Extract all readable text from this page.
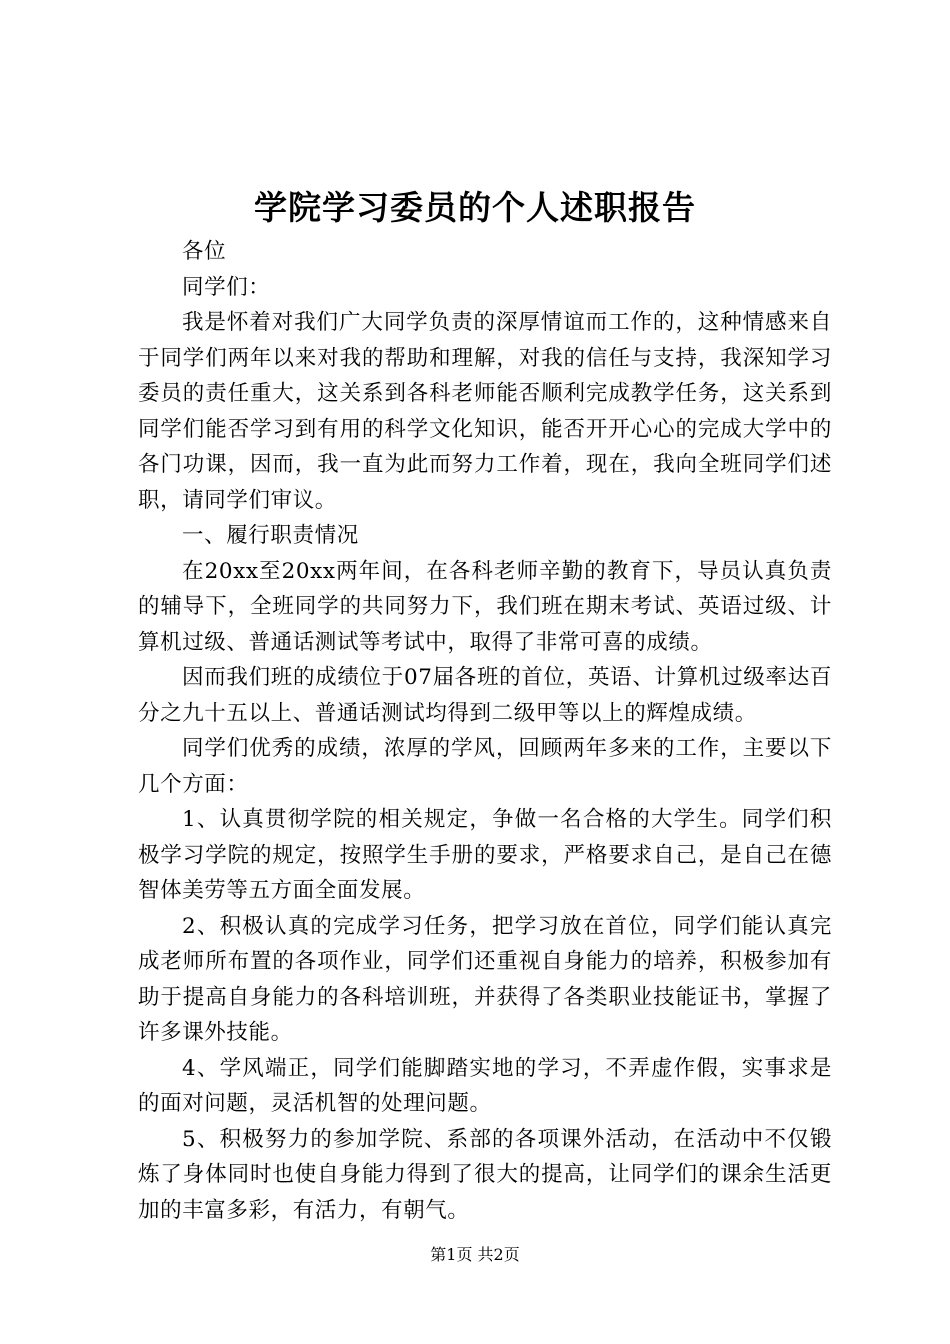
学院学习委员的个人述职报告

各位

同学们：

我是怀着对我们广大同学负责的深厚情谊而工作的，这种情感来自于同学们两年以来对我的帮助和理解，对我的信任与支持，我深知学习委员的责任重大，这关系到各科老师能否顺利完成教学任务，这关系到同学们能否学习到有用的科学文化知识，能否开开心心的完成大学中的各门功课，因而，我一直为此而努力工作着，现在，我向全班同学们述职，请同学们审议。

一、履行职责情况

在20xx至20xx两年间，在各科老师辛勤的教育下，导员认真负责的辅导下，全班同学的共同努力下，我们班在期末考试、英语过级、计算机过级、普通话测试等考试中，取得了非常可喜的成绩。

因而我们班的成绩位于07届各班的首位，英语、计算机过级率达百分之九十五以上、普通话测试均得到二级甲等以上的辉煌成绩。

同学们优秀的成绩，浓厚的学风，回顾两年多来的工作，主要以下几个方面：

1、认真贯彻学院的相关规定，争做一名合格的大学生。同学们积极学习学院的规定，按照学生手册的要求，严格要求自己，是自己在德智体美劳等五方面全面发展。

2、积极认真的完成学习任务，把学习放在首位，同学们能认真完成老师所布置的各项作业，同学们还重视自身能力的培养，积极参加有助于提高自身能力的各科培训班，并获得了各类职业技能证书，掌握了许多课外技能。

4、学风端正，同学们能脚踏实地的学习，不弄虚作假，实事求是的面对问题，灵活机智的处理问题。

5、积极努力的参加学院、系部的各项课外活动，在活动中不仅锻炼了身体同时也使自身能力得到了很大的提高，让同学们的课余生活更加的丰富多彩，有活力，有朝气。

第1页 共2页
